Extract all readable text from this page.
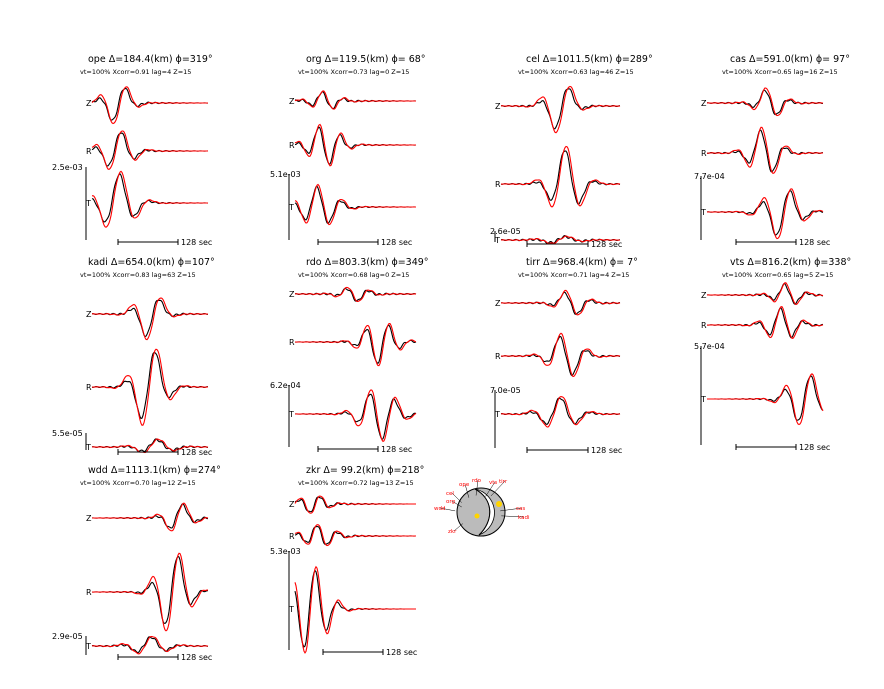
ope Δ=184.4(km) ϕ=319°
vt=100% Xcorr=0.91 lag=4 Z=15
Z
R
T
2.5e-03
128 sec
org Δ=119.5(km) ϕ= 68°
vt=100% Xcorr=0.73 lag=0 Z=15
Z
R
T
5.1e-03
128 sec
cel Δ=1011.5(km) ϕ=289°
vt=100% Xcorr=0.63 lag=46 Z=15
Z
R
T
2.6e-05
128 sec
cas Δ=591.0(km) ϕ= 97°
vt=100% Xcorr=0.65 lag=16 Z=15
Z
R
T
7.7e-04
128 sec
kadi Δ=654.0(km) ϕ=107°
vt=100% Xcorr=0.83 lag=63 Z=15
Z
R
T
5.5e-05
128 sec
rdo Δ=803.3(km) ϕ=349°
vt=100% Xcorr=0.68 lag=0 Z=15
Z
R
T
6.2e-04
128 sec
tirr Δ=968.4(km) ϕ= 7°
vt=100% Xcorr=0.71 lag=4 Z=15
Z
R
T
7.0e-05
128 sec
vts Δ=816.2(km) ϕ=338°
vt=100% Xcorr=0.65 lag=5 Z=15
Z
R
T
5.7e-04
128 sec
wdd Δ=1113.1(km) ϕ=274°
vt=100% Xcorr=0.70 lag=12 Z=15
Z
R
T
2.9e-05
128 sec
zkr Δ= 99.2(km) ϕ=218°
vt=100% Xcorr=0.72 lag=13 Z=15
Z
R
T
5.3e-03
128 sec
ope	vts
rdo	tirr
cel
wdd
org
cas
kadi
zkr
